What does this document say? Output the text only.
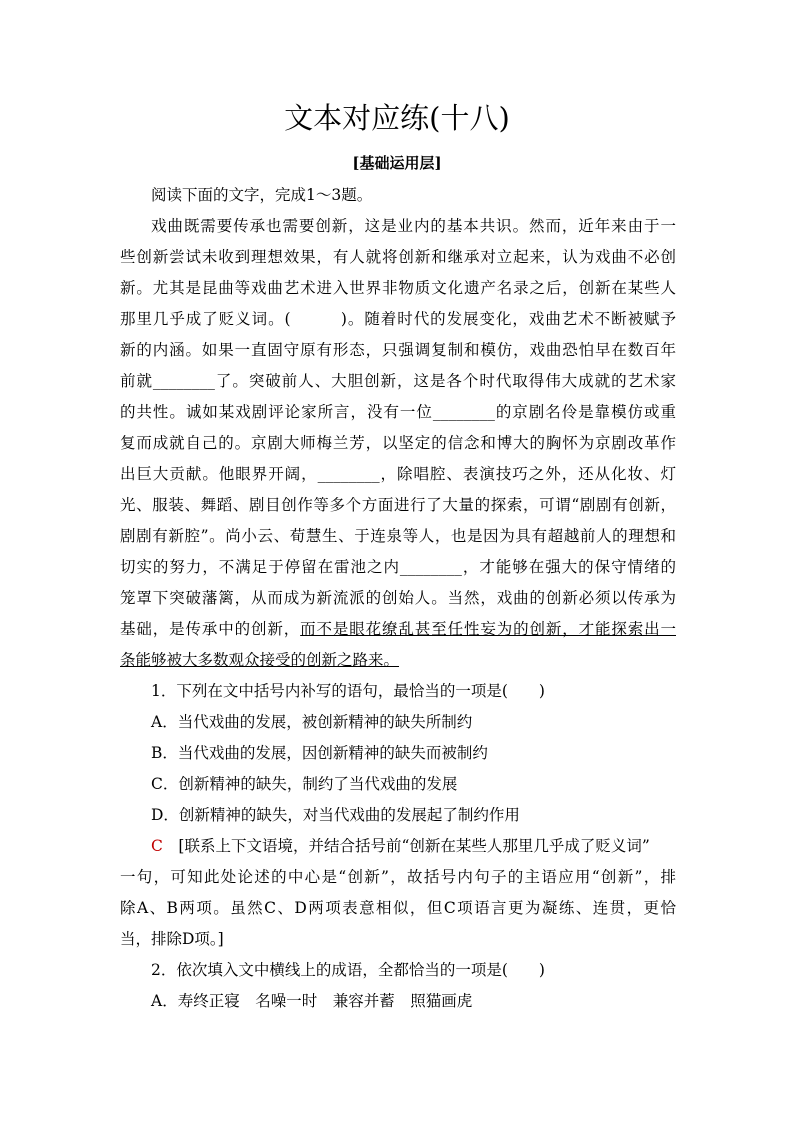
文本对应练(十八)
[基础运用层]
阅读下面的文字，完成1～3题。
戏曲既需要传承也需要创新，这是业内的基本共识。然而，近年来由于一
些创新尝试未收到理想效果，有人就将创新和继承对立起来，认为戏曲不必创
新。尤其是昆曲等戏曲艺术进入世界非物质文化遗产名录之后，创新在某些人
那里几乎成了贬义词。(　　　)。随着时代的发展变化，戏曲艺术不断被赋予
新的内涵。如果一直固守原有形态，只强调复制和模仿，戏曲恐怕早在数百年
前就________了。突破前人、大胆创新，这是各个时代取得伟大成就的艺术家
的共性。诚如某戏剧评论家所言，没有一位________的京剧名伶是靠模仿或重
复而成就自己的。京剧大师梅兰芳，以坚定的信念和博大的胸怀为京剧改革作
出巨大贡献。他眼界开阔，________，除唱腔、表演技巧之外，还从化妆、灯
光、服装、舞蹈、剧目创作等多个方面进行了大量的探索，可谓“剧剧有创新，
剧剧有新腔”。尚小云、荀慧生、于连泉等人，也是因为具有超越前人的理想和
切实的努力，不满足于停留在雷池之内________，才能够在强大的保守情绪的
笼罩下突破藩篱，从而成为新流派的创始人。当然，戏曲的创新必须以传承为
基础，是传承中的创新，而不是眼花缭乱甚至任性妄为的创新，才能探索出一
条能够被大多数观众接受的创新之路来。
1．下列在文中括号内补写的语句，最恰当的一项是(　　)
A．当代戏曲的发展，被创新精神的缺失所制约
B．当代戏曲的发展，因创新精神的缺失而被制约
C．创新精神的缺失，制约了当代戏曲的发展
D．创新精神的缺失，对当代戏曲的发展起了制约作用
C　 [联系上下文语境，并结合括号前“创新在某些人那里几乎成了贬义词”
一句，可知此处论述的中心是“创新”，故括号内句子的主语应用“创新”，排
除A、B两项。虽然C、D两项表意相似，但C项语言更为凝练、连贯，更恰
当，排除D项。]
2．依次填入文中横线上的成语，全都恰当的一项是(　　)
A．寿终正寝　名噪一时　兼容并蓄　照猫画虎
